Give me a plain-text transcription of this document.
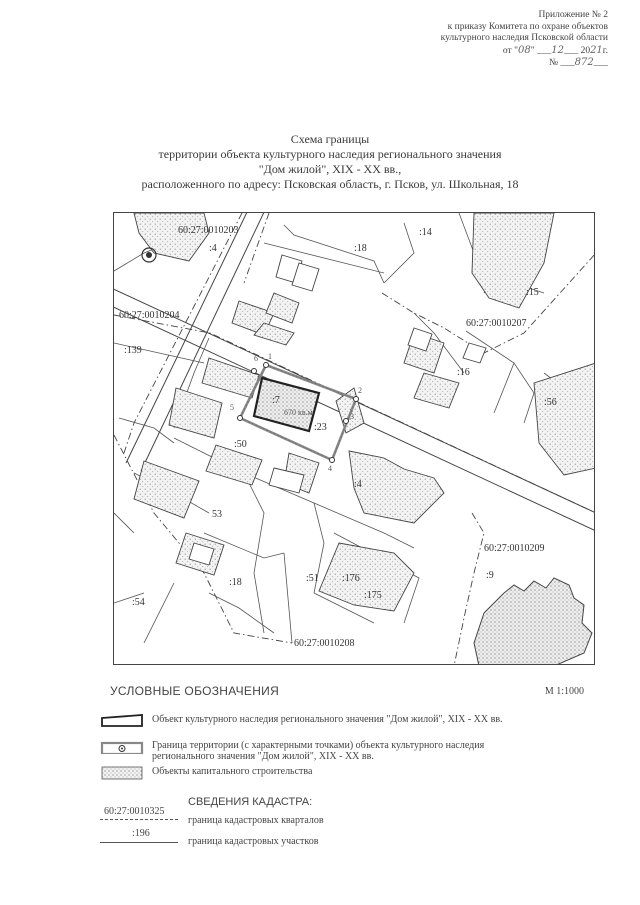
Приложение № 2
к приказу Комитета по охране объектов
культурного наследия Псковской области
от "08" ___12___ 2021г.
№ ___872___
Схема границы
территории объекта культурного наследия регионального значения
"Дом жилой", XIX - XX вв.,
расположенного по адресу: Псковская область, г. Псков, ул. Школьная, 18
60:27:0010203
60:27:0010204
60:27:0010207
60:27:0010209
60:27:0010208
:4	:18
:14
:15
:139
:16
:56
:7
:23
:50
:4
53
:18	:51 :176
:175
:9
:54
1
2
3
4
5
6
670 кв.м
УСЛОВНЫЕ ОБОЗНАЧЕНИЯ	М 1:1000
Объект культурного наследия регионального значения "Дом жилой", XIX - XX вв.
Граница территории (с характерными точками) объекта культурного наследия
регионального значения "Дом жилой", XIX - XX вв.
Объекты капитального строительства
СВЕДЕНИЯ КАДАСТРА:
60:27:0010325
граница кадастровых кварталов
:196
граница кадастровых участков
